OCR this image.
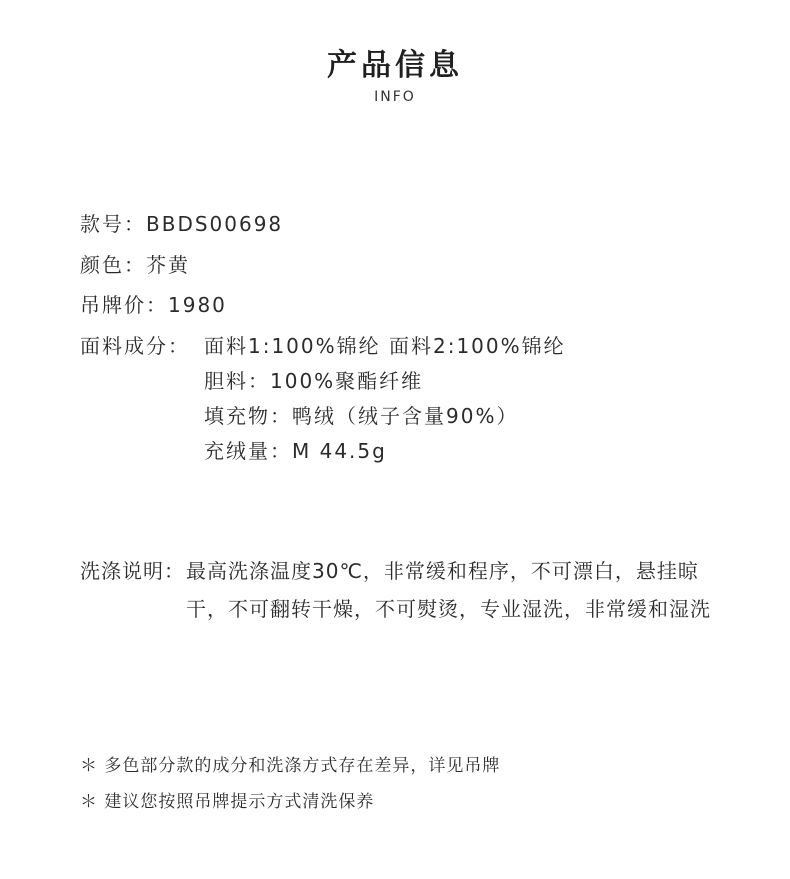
产品信息
INFO
款号：BBDS00698
颜色：芥黄
吊牌价：1980
面料成分： 面料1:100%锦纶 面料2:100%锦纶
胆料：100%聚酯纤维
填充物：鸭绒（绒子含量90%）
充绒量：M 44.5g
洗涤说明： 最高洗涤温度30℃，非常缓和程序，不可漂白，悬挂晾干，不可翻转干燥，不可熨烫，专业湿洗，非常缓和湿洗
＊ 多色部分款的成分和洗涤方式存在差异，详见吊牌
＊ 建议您按照吊牌提示方式清洗保养
